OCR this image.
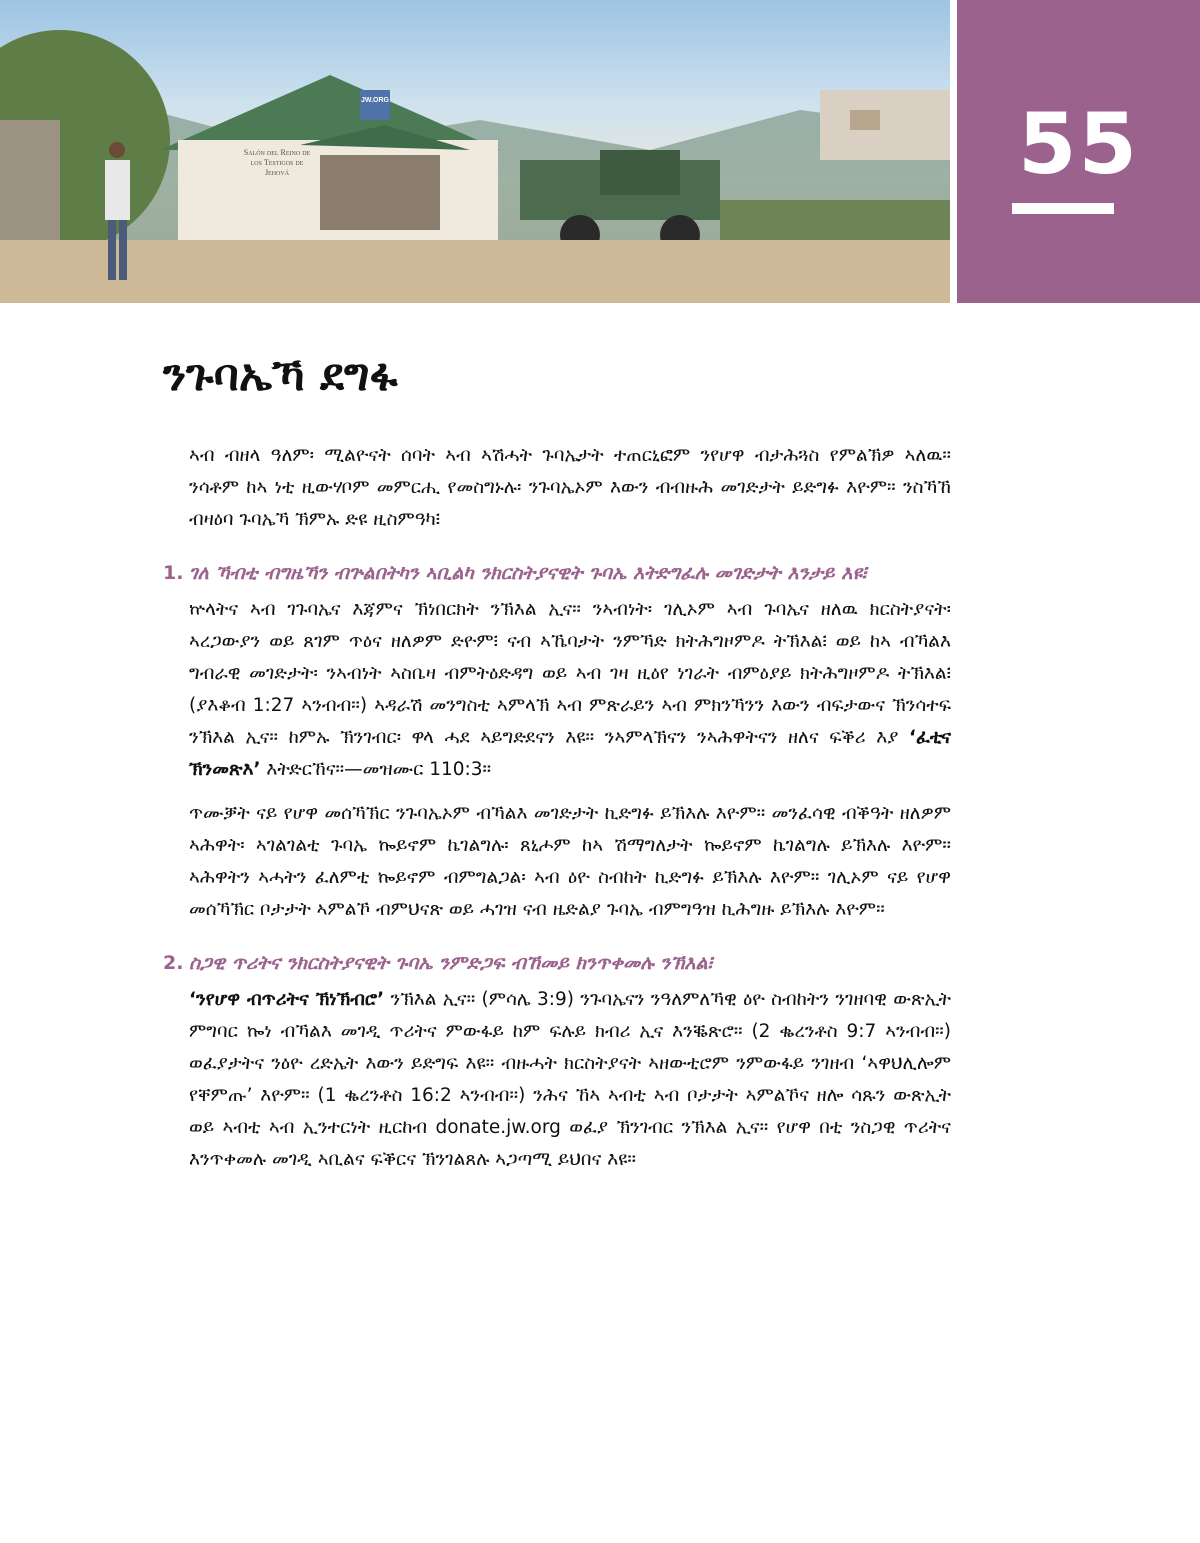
JW.ORG
Salón del Reino de los Testigos de Jehová	55
ንጉባኤኻ ደግፋ

ኣብ ብዘላ ዓለም፡ ሚልዮናት ሰባት ኣብ ኣሽሓት ጉባኤታት ተጠርኒፎም ንየሆዋ ብታሕጓስ የምልኽዎ ኣለዉ። ንሳቶም ከኣ ነቲ ዚውሃቦም መምርሒ የመስግኑሉ፡ ንጉባኤኦም እውን ብብዙሕ መገድታት ይድግፉ እዮም። ንስኻኸ ብዛዕባ ጉባኤኻ ኽምኡ ድዩ ዚስምዓካ፧

1. ገለ ኻብቲ ብግዜኻን ብጕልበትካን ኣቢልካ ንክርስትያናዊት ጉባኤ እትድግፈሉ መገድታት እንታይ እዩ፧

ኵላትና ኣብ ገጉባኤና እጃምና ኽነበርክት ንኽእል ኢና። ንኣብነት፡ ገሊኦም ኣብ ጉባኤና ዘለዉ ክርስትያናት፡ ኣረጋውያን ወይ ጸገም ጥዕና ዘለዎም ድዮም፧ ናብ ኣኼባታት ንምኻድ ክትሕግዞምዶ ትኽእል፧ ወይ ከኣ ብኻልእ ግብራዊ መገድታት፡ ንኣብነት ኣስቤዛ ብምትዕድዳግ ወይ ኣብ ገዛ ዚዕየ ነገራት ብምዕያይ ክትሕግዞምዶ ትኽእል፧ (ያእቆብ 1:27 ኣንብብ።) ኣዳራሽ መንግስቲ ኣምላኽ ኣብ ምጽራይን ኣብ ምክንኻንን እውን ብፍታውና ኽንሳተፍ ንኽእል ኢና። ከምኡ ኽንገብር፡ ዋላ ሓደ ኣይግድደናን እዩ። ንኣምላኽናን ንኣሕዋትናን ዘለና ፍቕሪ እያ ‘ፈቲና ኽንመጽእ’ እትድርኸና።—መዝሙር 110:3።

ጥሙቓት ናይ የሆዋ መሰኻኽር ንጉባኤኦም ብኻልእ መገድታት ኪድግፉ ይኽእሉ እዮም። መንፈሳዊ ብቕዓት ዘለዎም ኣሕዋት፡ ኣገልገልቲ ጉባኤ ኰይኖም ኬገልግሉ፡ ጸኒሖም ከኣ ሽማግለታት ኰይኖም ኬገልግሉ ይኽእሉ እዮም። ኣሕዋትን ኣሓትን ፈለምቲ ኰይኖም ብምግልጋል፡ ኣብ ዕዮ ስብከት ኪድግፉ ይኽእሉ እዮም። ገሊኦም ናይ የሆዋ መሰኻኽር ቦታታት ኣምልኾ ብምህናጽ ወይ ሓገዝ ናብ ዜድልያ ጉባኤ ብምግዓዝ ኪሕግዙ ይኽእሉ እዮም።

2. ስጋዊ ጥሪትና ንክርስትያናዊት ጉባኤ ንምድጋፍ ብኸመይ ክንጥቀመሉ ንኽእል፧

‘ንየሆዋ ብጥሪትና ኽነኽብሮ’ ንኽእል ኢና። (ምሳሌ 3:9) ንጉባኤናን ንዓለምለኻዊ ዕዮ ስብከትን ንገዘባዊ ውጽኢት ምግባር ኰነ ብኻልእ መገዲ ጥሪትና ምውፋይ ከም ፍሉይ ክብሪ ኢና እንቘጽሮ። (2 ቈረንቶስ 9:7 ኣንብብ።) ወፈያታትና ንዕዮ ረድኤት እውን ይድግፍ እዩ። ብዙሓት ክርስትያናት ኣዘውቲሮም ንምውፋይ ንገዘብ ‘ኣዋህሊሎም የቐምጡ’ እዮም። (1 ቈረንቶስ 16:2 ኣንብብ።) ንሕና ኸኣ ኣብቲ ኣብ ቦታታት ኣምልኾና ዘሎ ሳጹን ውጽኢት ወይ ኣብቲ ኣብ ኢንተርነት ዚርከብ donate.jw.org ወፈያ ኽንገብር ንኽእል ኢና። የሆዋ በቲ ንስጋዊ ጥሪትና እንጥቀመሉ መገዲ ኣቢልና ፍቕርና ኽንገልጸሉ ኣጋጣሚ ይህበና እዩ።
